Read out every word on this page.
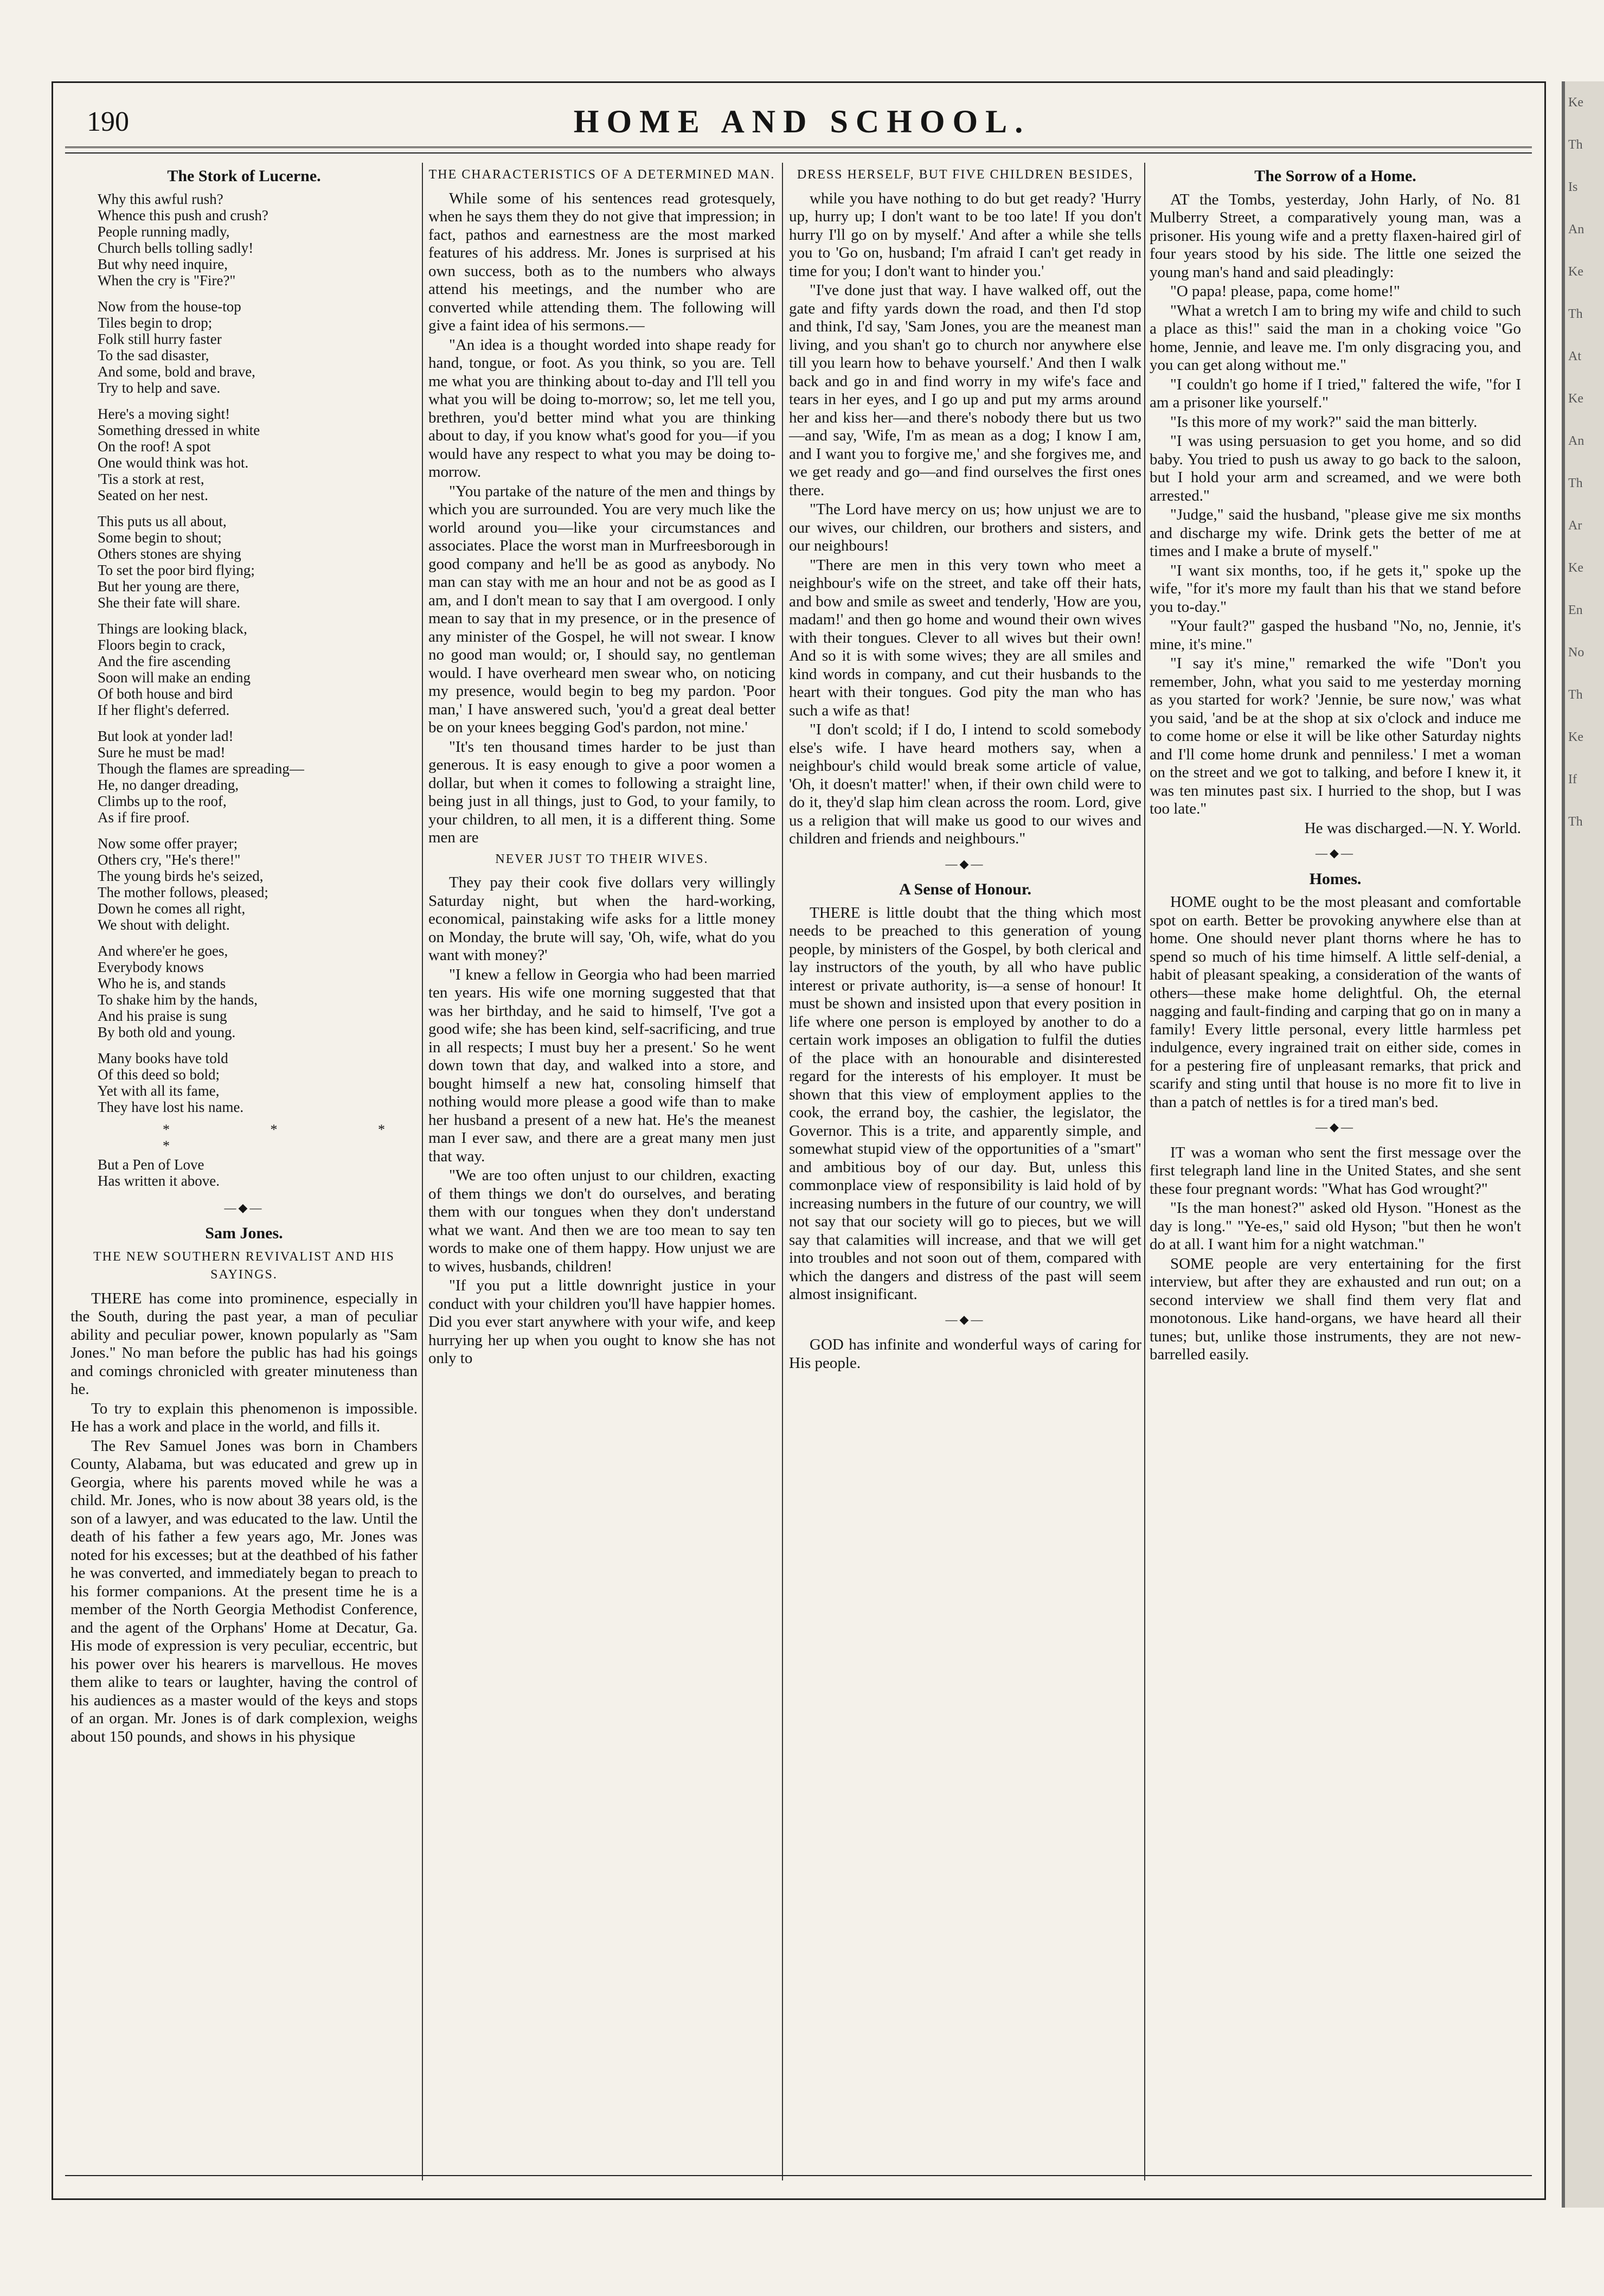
190	HOME AND SCHOOL.
The Stork of Lucerne.
Why this awful rush?
Whence this push and crush?
People running madly,
Church bells tolling sadly!
But why need inquire,
When the cry is "Fire?"
Now from the house-top
Tiles begin to drop;
Folk still hurry faster
To the sad disaster,
And some, bold and brave,
Try to help and save.
Here's a moving sight!
Something dressed in white
On the roof! A spot
One would think was hot.
'Tis a stork at rest,
Seated on her nest.
This puts us all about,
Some begin to shout;
Others stones are shying
To set the poor bird flying;
But her young are there,
She their fate will share.
Things are looking black,
Floors begin to crack,
And the fire ascending
Soon will make an ending
Of both house and bird
If her flight's deferred.
But look at yonder lad!
Sure he must be mad!
Though the flames are spreading—
He, no danger dreading,
Climbs up to the roof,
As if fire proof.
Now some offer prayer;
Others cry, "He's there!"
The young birds he's seized,
The mother follows, pleased;
Down he comes all right,
We shout with delight.
And where'er he goes,
Everybody knows
Who he is, and stands
To shake him by the hands,
And his praise is sung
By both old and young.
Many books have told
Of this deed so bold;
Yet with all its fame,
They have lost his name.
* * * *
But a Pen of Love
Has written it above.
—◆—
Sam Jones.
THE NEW SOUTHERN REVIVALIST AND HIS SAYINGS.

THERE has come into prominence, especially in the South, during the past year, a man of peculiar ability and peculiar power, known popularly as "Sam Jones." No man before the public has had his goings and comings chronicled with greater minuteness than he.

To try to explain this phenomenon is impossible. He has a work and place in the world, and fills it.

The Rev Samuel Jones was born in Chambers County, Alabama, but was educated and grew up in Georgia, where his parents moved while he was a child. Mr. Jones, who is now about 38 years old, is the son of a lawyer, and was educated to the law. Until the death of his father a few years ago, Mr. Jones was noted for his excesses; but at the deathbed of his father he was converted, and immediately began to preach to his former companions. At the present time he is a member of the North Georgia Methodist Conference, and the agent of the Orphans' Home at Decatur, Ga. His mode of expression is very peculiar, eccentric, but his power over his hearers is marvellous. He moves them alike to tears or laughter, having the control of his audiences as a master would of the keys and stops of an organ. Mr. Jones is of dark complexion, weighs about 150 pounds, and shows in his physique

THE CHARACTERISTICS OF A DETERMINED MAN.

While some of his sentences read grotesquely, when he says them they do not give that impression; in fact, pathos and earnestness are the most marked features of his address. Mr. Jones is surprised at his own success, both as to the numbers who always attend his meetings, and the number who are converted while attending them. The following will give a faint idea of his sermons.—

"An idea is a thought worded into shape ready for hand, tongue, or foot. As you think, so you are. Tell me what you are thinking about to-day and I'll tell you what you will be doing to-morrow; so, let me tell you, brethren, you'd better mind what you are thinking about to day, if you know what's good for you—if you would have any respect to what you may be doing to-morrow.

"You partake of the nature of the men and things by which you are surrounded. You are very much like the world around you—like your circumstances and associates. Place the worst man in Murfreesborough in good company and he'll be as good as anybody. No man can stay with me an hour and not be as good as I am, and I don't mean to say that I am overgood. I only mean to say that in my presence, or in the presence of any minister of the Gospel, he will not swear. I know no good man would; or, I should say, no gentleman would. I have overheard men swear who, on noticing my presence, would begin to beg my pardon. 'Poor man,' I have answered such, 'you'd a great deal better be on your knees begging God's pardon, not mine.'

"It's ten thousand times harder to be just than generous. It is easy enough to give a poor women a dollar, but when it comes to following a straight line, being just in all things, just to God, to your family, to your children, to all men, it is a different thing. Some men are

NEVER JUST TO THEIR WIVES.

They pay their cook five dollars very willingly Saturday night, but when the hard-working, economical, painstaking wife asks for a little money on Monday, the brute will say, 'Oh, wife, what do you want with money?'

"I knew a fellow in Georgia who had been married ten years. His wife one morning suggested that that was her birthday, and he said to himself, 'I've got a good wife; she has been kind, self-sacrificing, and true in all respects; I must buy her a present.' So he went down town that day, and walked into a store, and bought himself a new hat, consoling himself that nothing would more please a good wife than to make her husband a present of a new hat. He's the meanest man I ever saw, and there are a great many men just that way.

"We are too often unjust to our children, exacting of them things we don't do ourselves, and berating them with our tongues when they don't understand what we want. And then we are too mean to say ten words to make one of them happy. How unjust we are to wives, husbands, children!

"If you put a little downright justice in your conduct with your children you'll have happier homes. Did you ever start anywhere with your wife, and keep hurrying her up when you ought to know she has not only to

DRESS HERSELF, BUT FIVE CHILDREN BESIDES,

while you have nothing to do but get ready? 'Hurry up, hurry up; I don't want to be too late! If you don't hurry I'll go on by myself.' And after a while she tells you to 'Go on, husband; I'm afraid I can't get ready in time for you; I don't want to hinder you.'

"I've done just that way. I have walked off, out the gate and fifty yards down the road, and then I'd stop and think, I'd say, 'Sam Jones, you are the meanest man living, and you shan't go to church nor anywhere else till you learn how to behave yourself.' And then I walk back and go in and find worry in my wife's face and tears in her eyes, and I go up and put my arms around her and kiss her—and there's nobody there but us two—and say, 'Wife, I'm as mean as a dog; I know I am, and I want you to forgive me,' and she forgives me, and we get ready and go—and find ourselves the first ones there.

"The Lord have mercy on us; how unjust we are to our wives, our children, our brothers and sisters, and our neighbours!

"There are men in this very town who meet a neighbour's wife on the street, and take off their hats, and bow and smile as sweet and tenderly, 'How are you, madam!' and then go home and wound their own wives with their tongues. Clever to all wives but their own! And so it is with some wives; they are all smiles and kind words in company, and cut their husbands to the heart with their tongues. God pity the man who has such a wife as that!

"I don't scold; if I do, I intend to scold somebody else's wife. I have heard mothers say, when a neighbour's child would break some article of value, 'Oh, it doesn't matter!' when, if their own child were to do it, they'd slap him clean across the room. Lord, give us a religion that will make us good to our wives and children and friends and neighbours."

—◆—
A Sense of Honour.

THERE is little doubt that the thing which most needs to be preached to this generation of young people, by ministers of the Gospel, by both clerical and lay instructors of the youth, by all who have public interest or private authority, is—a sense of honour! It must be shown and insisted upon that every position in life where one person is employed by another to do a certain work imposes an obligation to fulfil the duties of the place with an honourable and disinterested regard for the interests of his employer. It must be shown that this view of employment applies to the cook, the errand boy, the cashier, the legislator, the Governor. This is a trite, and apparently simple, and somewhat stupid view of the opportunities of a "smart" and ambitious boy of our day. But, unless this commonplace view of responsibility is laid hold of by increasing numbers in the future of our country, we will not say that our society will go to pieces, but we will say that calamities will increase, and that we will get into troubles and not soon out of them, compared with which the dangers and distress of the past will seem almost insignificant.

—◆—

GOD has infinite and wonderful ways of caring for His people.

The Sorrow of a Home.

AT the Tombs, yesterday, John Harly, of No. 81 Mulberry Street, a comparatively young man, was a prisoner. His young wife and a pretty flaxen-haired girl of four years stood by his side. The little one seized the young man's hand and said pleadingly:

"O papa! please, papa, come home!"

"What a wretch I am to bring my wife and child to such a place as this!" said the man in a choking voice "Go home, Jennie, and leave me. I'm only disgracing you, and you can get along without me."

"I couldn't go home if I tried," faltered the wife, "for I am a prisoner like yourself."

"Is this more of my work?" said the man bitterly.

"I was using persuasion to get you home, and so did baby. You tried to push us away to go back to the saloon, but I hold your arm and screamed, and we were both arrested."

"Judge," said the husband, "please give me six months and discharge my wife. Drink gets the better of me at times and I make a brute of myself."

"I want six months, too, if he gets it," spoke up the wife, "for it's more my fault than his that we stand before you to-day."

"Your fault?" gasped the husband "No, no, Jennie, it's mine, it's mine."

"I say it's mine," remarked the wife "Don't you remember, John, what you said to me yesterday morning as you started for work? 'Jennie, be sure now,' was what you said, 'and be at the shop at six o'clock and induce me to come home or else it will be like other Saturday nights and I'll come home drunk and penniless.' I met a woman on the street and we got to talking, and before I knew it, it was ten minutes past six. I hurried to the shop, but I was too late."

He was discharged.—N. Y. World.

—◆—
Homes.

HOME ought to be the most pleasant and comfortable spot on earth. Better be provoking anywhere else than at home. One should never plant thorns where he has to spend so much of his time himself. A little self-denial, a habit of pleasant speaking, a consideration of the wants of others—these make home delightful. Oh, the eternal nagging and fault-finding and carping that go on in many a family! Every little personal, every little harmless pet indulgence, every ingrained trait on either side, comes in for a pestering fire of unpleasant remarks, that prick and scarify and sting until that house is no more fit to live in than a patch of nettles is for a tired man's bed.

—◆—

IT was a woman who sent the first message over the first telegraph land line in the United States, and she sent these four pregnant words: "What has God wrought?"

"Is the man honest?" asked old Hyson. "Honest as the day is long." "Ye-es," said old Hyson; "but then he won't do at all. I want him for a night watchman."

SOME people are very entertaining for the first interview, but after they are exhausted and run out; on a second interview we shall find them very flat and monotonous. Like hand-organs, we have heard all their tunes; but, unlike those instruments, they are not new-barrelled easily.

Ke
Th
Is
An
Ke
Th
At
Ke
An
Th
Ar
Ke
En
No
Th
Ke
If
Th
